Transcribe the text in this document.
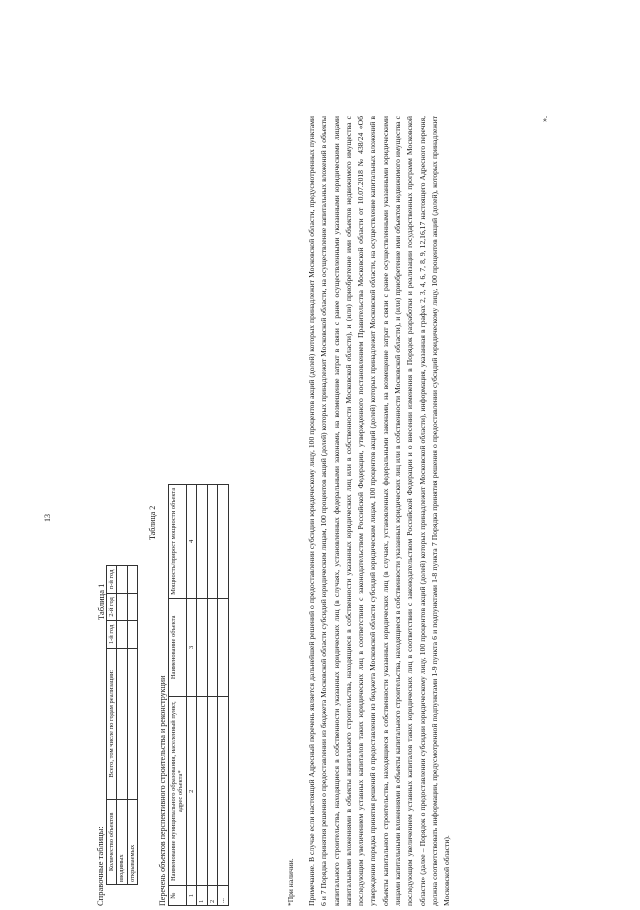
13
Справочные таблицы:
Таблица 1
Количество объектов	Всего, том числе по годам реализации:	1-й год	2-й год	n-й год
вводимых				
открываемых				
Таблица 2
Перечень объектов перспективного строительства и реконструкции №	Наименование муниципального образования, населенный пункт, адрес объекта*	Наименование объекта	Мощность/прирост мощности объекта
1	2	3	4
1			
2			
...				*При наличии. Примечание. В случае если настоящий Адресный перечень является дальнейшей решений о предоставлении субсидии юридическому лицу, 100 процентов акций (долей) которых принадлежит Московской области, предусмотренных пунктами 6 и 7 Порядка принятия решения о предоставлении из бюджета Московской области субсидий юридическим лицам, 100 процентов акций (долей) которых принадлежит Московской области, на осуществление капитальных вложений в объекты капитального строительства, находящиеся в собственности указанных юридических лиц (в случаях, установленных федеральными законами, на возмещение затрат в связи с ранее осуществленными указанными юридическими лицами капитальными вложениями в объекты капитального строительства, находящиеся в собственности указанных юридических лиц или в собственности Московской области), и (или) приобретение ими объектов недвижимого имущества с последующим увеличением уставных капиталов таких юридических лиц в соответствии с законодательством Российской Федерации, утвержденного постановлением Правительства Московской области от 10.07.2018 № 438/24 «Об утверждении порядка принятия решений о предоставлении из бюджета Московской области субсидий юридическим лицам, 100 процентов акций (долей) которых принадлежит Московской области, на осуществление капитальных вложений в объекты капитального строительства, находящиеся в собственности указанных юридических лиц (в случаях, установленных федеральными законами, на возмещение затрат в связи с ранее осуществленными указанными юридическими лицами капитальными вложениями в объекты капитального строительства, находящиеся в собственности указанных юридических лиц или в собственности Московской области), и (или) приобретение ими объектов недвижимого имущества с последующим увеличением уставных капиталов таких юридических лиц в соответствии с законодательством Российской Федерации и о внесении изменения в Порядок разработки и реализации государственных программ Московской области» (далее – Порядок о предоставлении субсидии юридическому лицу, 100 процентов акций (долей) которых принадлежит Московской области), информация, указанная в графах 2, 3, 4, 6, 7, 8, 9, 12,16,17 настоящего Адресного перечня, должна соответствовать информации, предусмотренной подпунктами 1-9 пункта 6 и подпунктами 1-8 пункта 7 Порядка принятия решения о предоставлении субсидий юридическому лицу, 100 процентов акций (долей), которых принадлежит Московской области).
».
